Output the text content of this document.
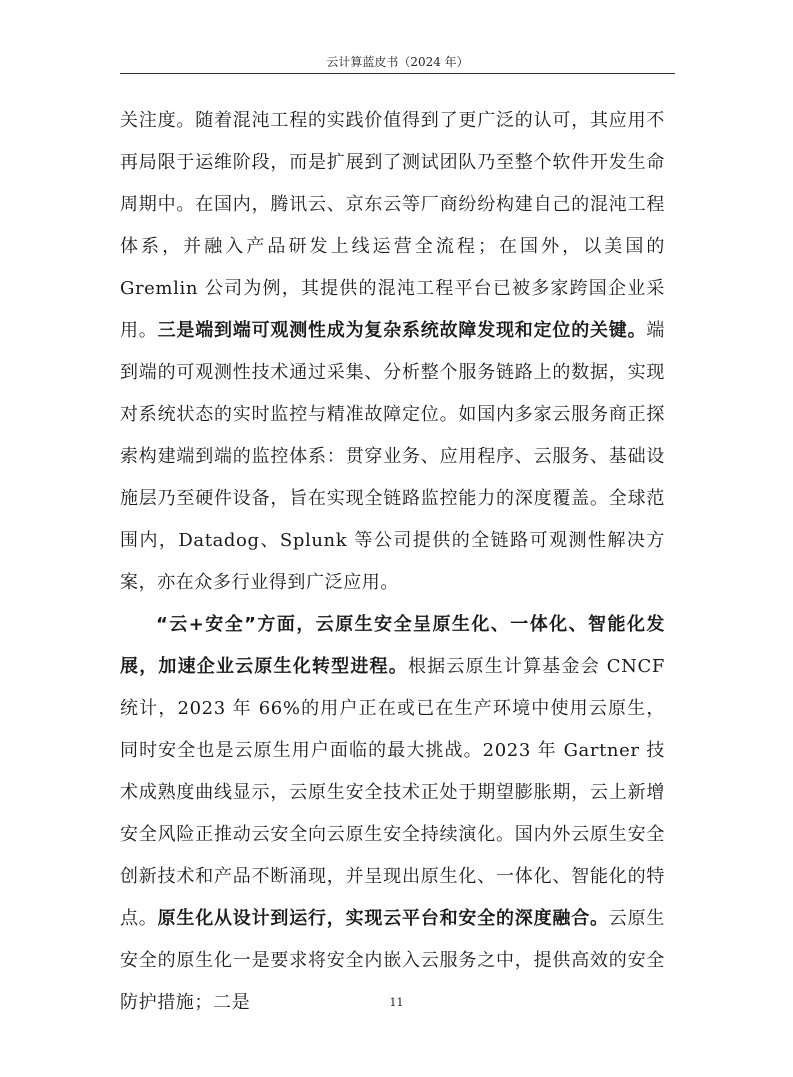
云计算蓝皮书（2024 年）

关注度。随着混沌工程的实践价值得到了更广泛的认可，其应用不再局限于运维阶段，而是扩展到了测试团队乃至整个软件开发生命周期中。在国内，腾讯云、京东云等厂商纷纷构建自己的混沌工程体系，并融入产品研发上线运营全流程；在国外，以美国的 Gremlin 公司为例，其提供的混沌工程平台已被多家跨国企业采用。三是端到端可观测性成为复杂系统故障发现和定位的关键。端到端的可观测性技术通过采集、分析整个服务链路上的数据，实现对系统状态的实时监控与精准故障定位。如国内多家云服务商正探索构建端到端的监控体系：贯穿业务、应用程序、云服务、基础设施层乃至硬件设备，旨在实现全链路监控能力的深度覆盖。全球范围内，Datadog、Splunk 等公司提供的全链路可观测性解决方案，亦在众多行业得到广泛应用。

“云+安全”方面，云原生安全呈原生化、一体化、智能化发展，加速企业云原生化转型进程。根据云原生计算基金会 CNCF 统计，2023 年 66%的用户正在或已在生产环境中使用云原生，同时安全也是云原生用户面临的最大挑战。2023 年 Gartner 技术成熟度曲线显示，云原生安全技术正处于期望膨胀期，云上新增安全风险正推动云安全向云原生安全持续演化。国内外云原生安全创新技术和产品不断涌现，并呈现出原生化、一体化、智能化的特点。原生化从设计到运行，实现云平台和安全的深度融合。云原生安全的原生化一是要求将安全内嵌入云服务之中，提供高效的安全防护措施；二是	11
